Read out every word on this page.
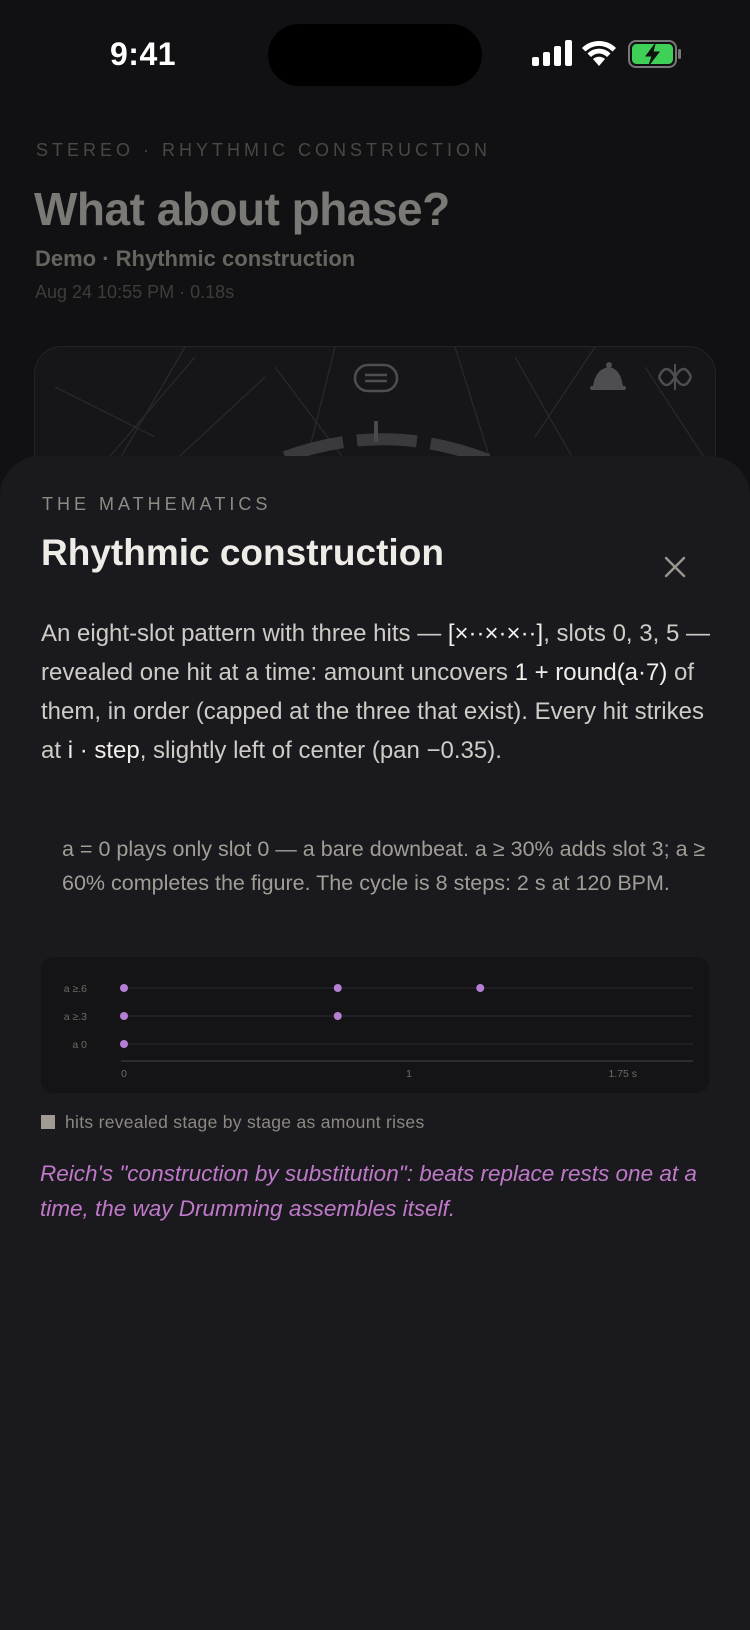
9:41
STEREO · RHYTHMIC CONSTRUCTION
What about phase?
Demo · Rhythmic construction
Aug 24 10:55 PM · 0.18s
THE MATHEMATICS
Rhythmic construction

An eight-slot pattern with three hits — [×··×·×··], slots 0, 3, 5 — revealed one hit at a time: amount uncovers 1 + round(a·7) of them, in order (capped at the three that exist). Every hit strikes at i · step, slightly left of center (pan −0.35).

a = 0 plays only slot 0 — a bare downbeat. a ≥ 30% adds slot 3; a ≥ 60% completes the figure. The cycle is 8 steps: 2 s at 120 BPM.

a ≥.6
a ≥.3
a 0
0	1	1.75 s
hits revealed stage by stage as amount rises

Reich's "construction by substitution": beats replace rests one at a time, the way Drumming assembles itself.
